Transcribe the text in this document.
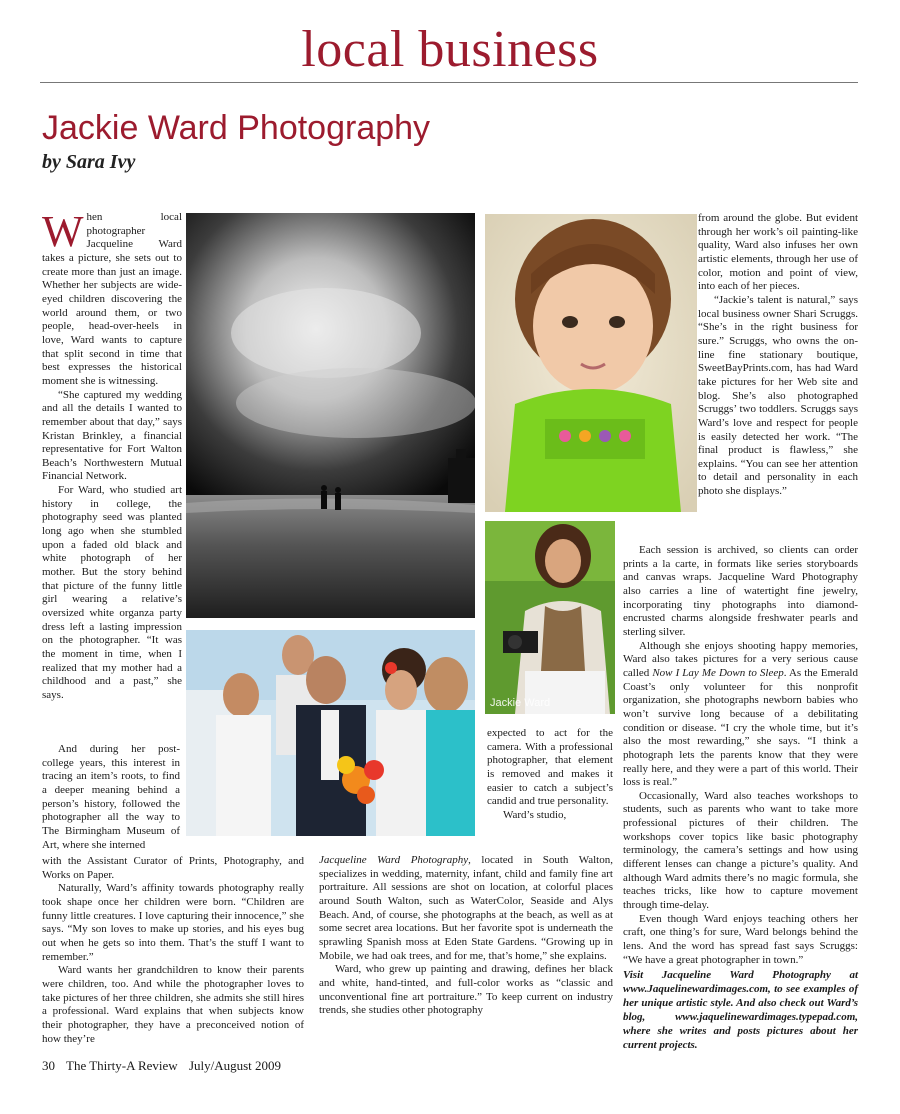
local business
Jackie Ward Photography
by Sara Ivy

When local photographer Jacqueline Ward takes a picture, she sets out to create more than just an image. Whether her subjects are wide-eyed children discovering the world around them, or two people, head-over-heels in love, Ward wants to capture that split second in time that best expresses the historical moment she is witnessing.

“She captured my wedding and all the details I wanted to remember about that day,” says Kristan Brinkley, a financial representative for Fort Walton Beach’s Northwestern Mutual Financial Network.

For Ward, who studied art history in college, the photography seed was planted long ago when she stumbled upon a faded old black and white photograph of her mother. But the story behind that picture of the funny little girl wearing a relative’s oversized white organza party dress left a lasting impression on the photographer. “It was the moment in time, when I realized that my mother had a childhood and a past,” she says.

And during her post-college years, this interest in tracing an item’s roots, to find a deeper meaning behind a person’s history, followed the photographer all the way to The Birmingham Museum of Art, where she interned

with the Assistant Curator of Prints, Photography, and Works on Paper.

Naturally, Ward’s affinity towards photography really took shape once her children were born. “Children are funny little creatures. I love capturing their innocence,” she says. “My son loves to make up stories, and his eyes bug out when he gets so into them. That’s the stuff I want to remember.”

Ward wants her grandchildren to know their parents were children, too. And while the photographer loves to take pictures of her three children, she admits she still hires a professional. Ward explains that when subjects know their photographer, they have a preconceived notion of how they’re

Jackie Ward

expected to act for the camera. With a professional photographer, that element is removed and makes it easier to catch a subject’s candid and true personality.

Ward’s studio,

Jacqueline Ward Photography, located in South Walton, specializes in wedding, maternity, infant, child and family fine art portraiture. All sessions are shot on location, at colorful places around South Walton, such as WaterColor, Seaside and Alys Beach. And, of course, she photographs at the beach, as well as at some secret area locations. But her favorite spot is underneath the sprawling Spanish moss at Eden State Gardens. “Growing up in Mobile, we had oak trees, and for me, that’s home,” she explains.

Ward, who grew up painting and drawing, defines her black and white, hand-tinted, and full-color works as “classic and unconventional fine art portraiture.” To keep current on industry trends, she studies other photography

from around the globe. But evident through her work’s oil painting-like quality, Ward also infuses her own artistic elements, through her use of color, motion and point of view, into each of her pieces.

“Jackie’s talent is natural,” says local business owner Shari Scruggs. “She’s in the right business for sure.” Scruggs, who owns the on-line fine stationary boutique, SweetBayPrints.com, has had Ward take pictures for her Web site and blog. She’s also photographed Scruggs’ two toddlers. Scruggs says Ward’s love and respect for people is easily detected her work. “The final product is flawless,” she explains. “You can see her attention to detail and personality in each photo she displays.”

Each session is archived, so clients can order prints a la carte, in formats like series storyboards and canvas wraps. Jacqueline Ward Photography also carries a line of watertight fine jewelry, incorporating tiny photographs into diamond-encrusted charms alongside freshwater pearls and sterling silver.

Although she enjoys shooting happy memories, Ward also takes pictures for a very serious cause called Now I Lay Me Down to Sleep. As the Emerald Coast’s only volunteer for this nonprofit organization, she photographs newborn babies who won’t survive long because of a debilitating condition or disease. “I cry the whole time, but it’s also the most rewarding,” she says. “I think a photograph lets the parents know that they were really here, and they were a part of this world. Their loss is real.”

Occasionally, Ward also teaches workshops to students, such as parents who want to take more professional pictures of their children. The workshops cover topics like basic photography terminology, the camera’s settings and how using different lenses can change a picture’s quality. And although Ward admits there’s no magic formula, she teaches tricks, like how to capture movement through time-delay.

Even though Ward enjoys teaching others her craft, one thing’s for sure, Ward belongs behind the lens. And the word has spread fast says Scruggs: “We have a great photographer in town.”

Visit Jacqueline Ward Photography at www.Jaquelinewardimages.com, to see examples of her unique artistic style. And also check out Ward’s blog, www.jaquelinewardimages.typepad.com, where she writes and posts pictures about her current projects.
30 The Thirty-A Review July/August 2009
